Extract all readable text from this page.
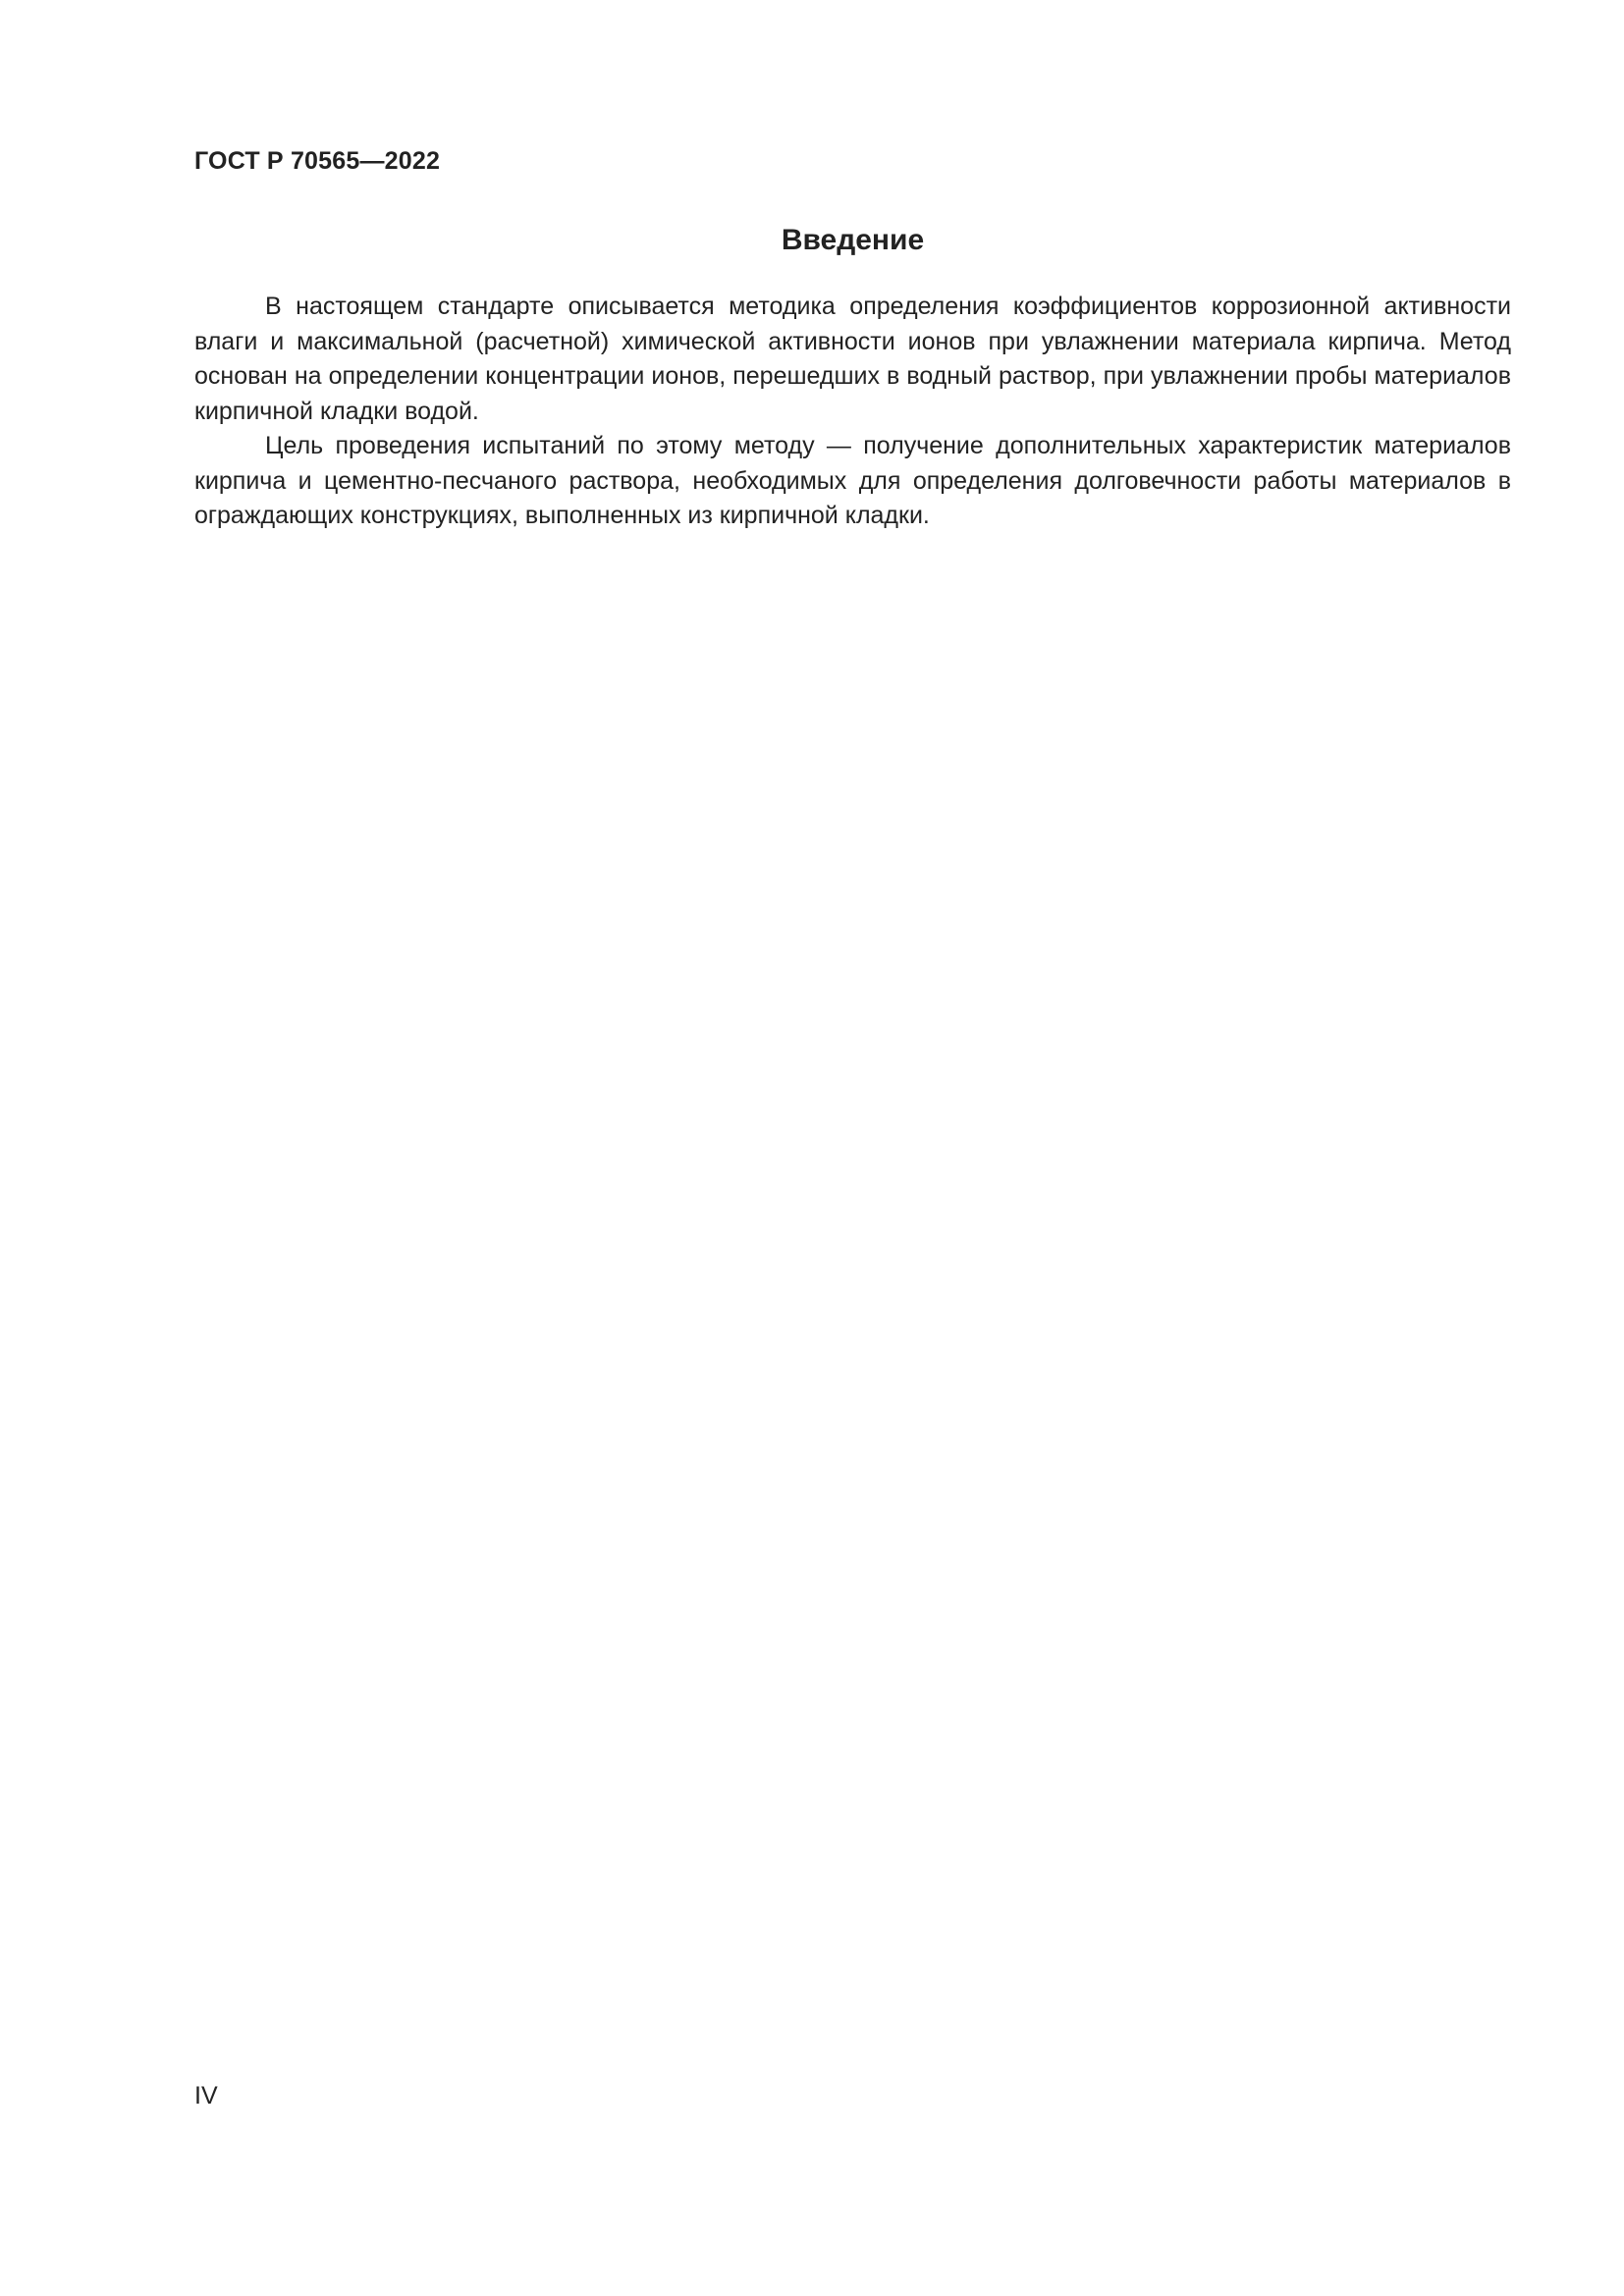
ГОСТ Р 70565—2022
Введение

В настоящем стандарте описывается методика определения коэффициентов коррозионной активности влаги и максимальной (расчетной) химической активности ионов при увлажнении материала кирпича. Метод основан на определении концентрации ионов, перешедших в водный раствор, при увлажнении пробы материалов кирпичной кладки водой.

Цель проведения испытаний по этому методу — получение дополнительных характеристик материалов кирпича и цементно-песчаного раствора, необходимых для определения долговечности работы материалов в ограждающих конструкциях, выполненных из кирпичной кладки.

IV
